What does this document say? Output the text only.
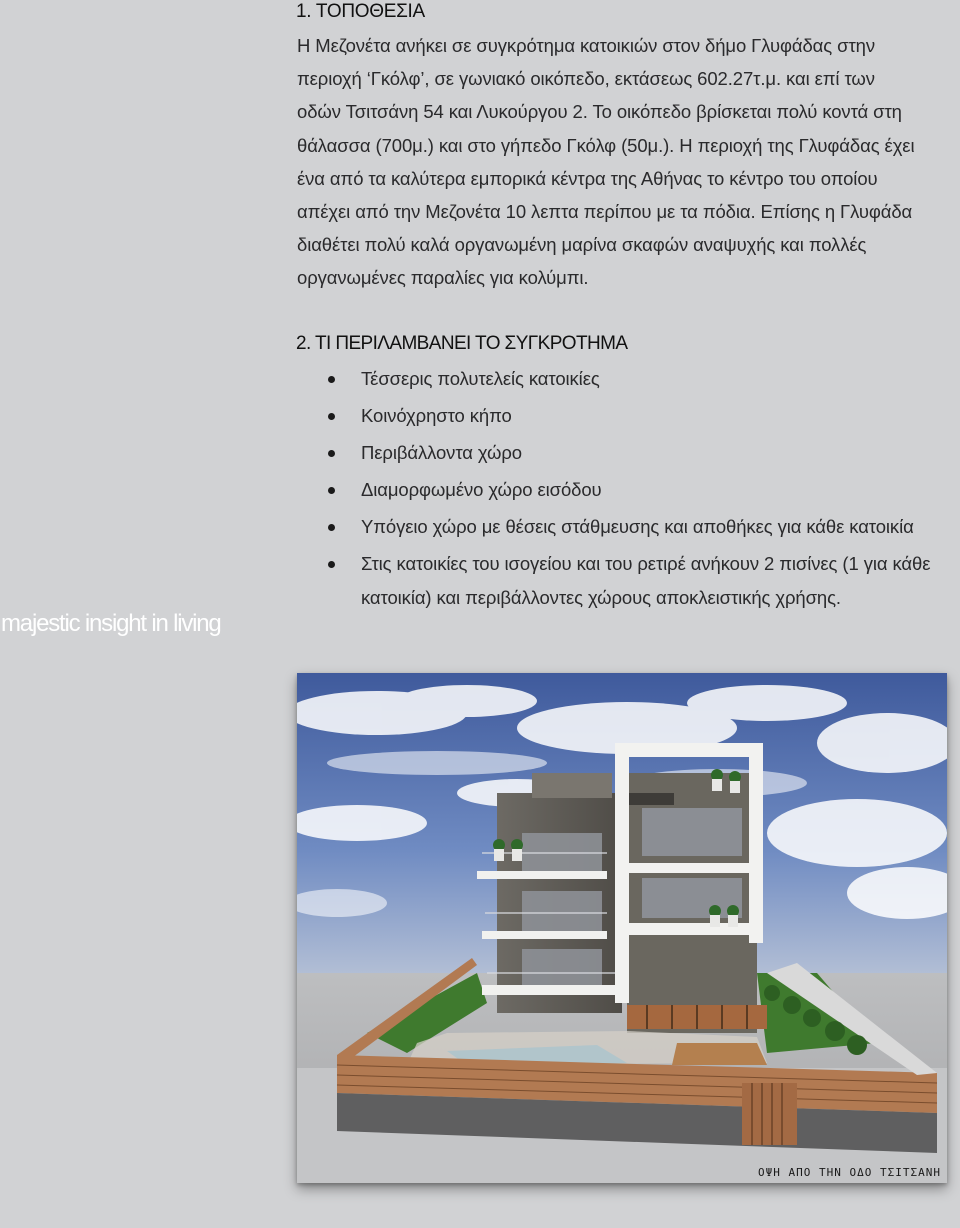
1. ΤΟΠΟΘΕΣΙΑ

Η Μεζονέτα ανήκει σε συγκρότημα κατοικιών στον δήμο Γλυφάδας στην
περιοχή ‘Γκόλφ’, σε γωνιακό οικόπεδο, εκτάσεως 602.27τ.μ. και επί των
οδών Τσιτσάνη 54 και Λυκούργου 2. Το οικόπεδο βρίσκεται πολύ κοντά στη
θάλασσα (700μ.) και στο γήπεδο Γκόλφ (50μ.). Η περιοχή της Γλυφάδας έχει
ένα από τα καλύτερα εμπορικά κέντρα της Αθήνας το κέντρο του οποίου
απέχει από την Μεζονέτα 10 λεπτα περίπου με τα πόδια. Επίσης η Γλυφάδα
διαθέτει πολύ καλά οργανωμένη μαρίνα σκαφών αναψυχής και πολλές
οργανωμένες παραλίες για κολύμπι.

2. ΤΙ ΠΕΡΙΛΑΜΒΑΝΕΙ ΤΟ ΣΥΓΚΡΟΤΗΜΑ
Τέσσερις πολυτελείς κατοικίες
Κοινόχρηστο κήπο
Περιβάλλοντα χώρο
Διαμορφωμένο χώρο εισόδου
Υπόγειο χώρο με θέσεις στάθμευσης και αποθήκες για κάθε κατοικία
Στις κατοικίες του ισογείου και του ρετιρέ ανήκουν 2 πισίνες (1 για κάθε κατοικία) και περιβάλλοντες χώρους αποκλειστικής χρήσης.
majestic insight in living
ΟΨΗ ΑΠΟ ΤΗΝ ΟΔΟ ΤΣΙΤΣΑΝΗ
